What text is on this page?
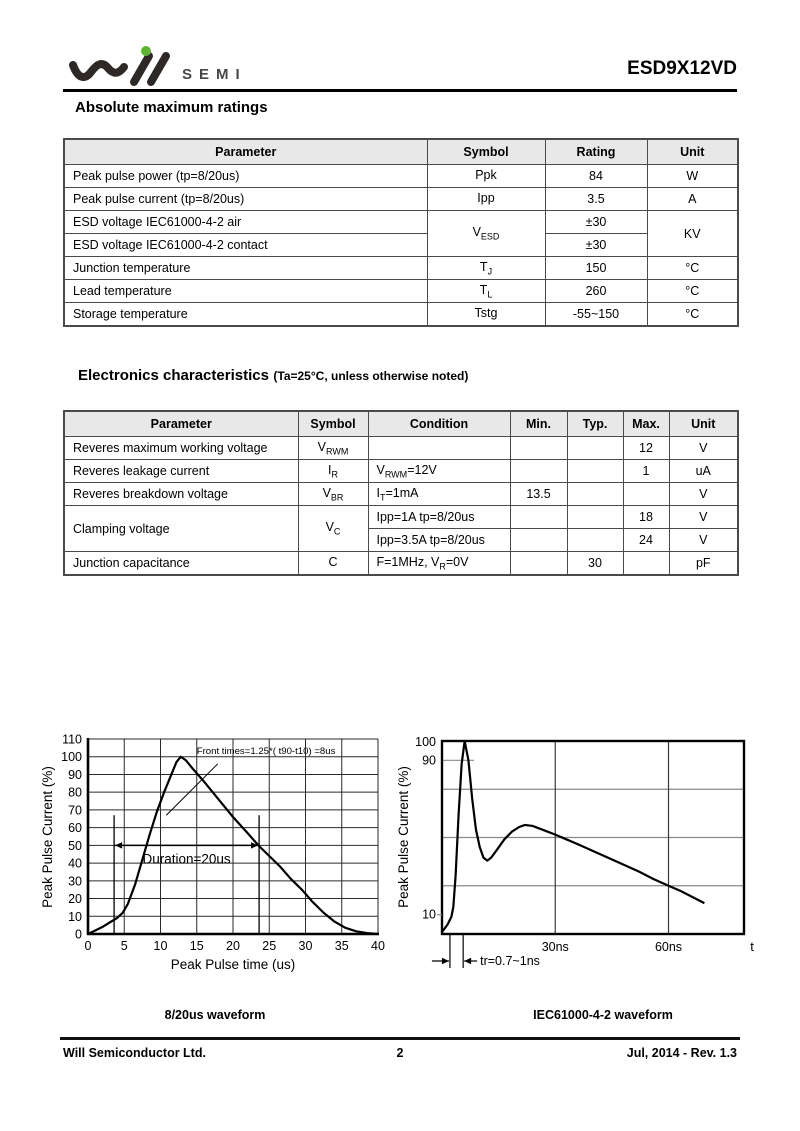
SEMI	ESD9X12VD
Absolute maximum ratings
Parameter	Symbol	Rating	Unit
Peak pulse power (tp=8/20us)	Ppk	84	W
Peak pulse current (tp=8/20us)	Ipp	3.5	A
ESD voltage IEC61000-4-2 air	$V_{ESD}$	±30	KV
ESD voltage IEC61000-4-2 contact		±30	
Junction temperature	$T_J$	150	°C
Lead temperature	$T_L$	260	°C
Storage temperature	Tstg	-55~150	°C
Electronics characteristics (Ta=25°C, unless otherwise noted)
Parameter	Symbol	Condition	Min.	Typ.	Max.	Unit
Reveres maximum working voltage	$V_{RWM}$				12	V
Reveres leakage current	$I_R$	$V_{RWM}=12V$			1	uA
Reveres breakdown voltage	$V_{BR}$	$I_T=1mA$	13.5			V
Clamping voltage	$V_C$	Ipp=1A tp=8/20us			18	V
		Ipp=3.5A tp=8/20us			24	V
Junction capacitance	C	F=1MHz, $V_R=0V$		30		pF
0 5 10 15 20 25 30 35 40
0
10
20
30
40
50
60
70
80
90
100
110
Duration=20us
Front times=1.25*( t90-t10) =8us
Peak Pulse time (us)
Peak Pulse Current (%)
100
90
10
30ns	60ns	t
tr=0.7~1ns
Peak Pulse Current (%)
8/20us waveform	IEC61000-4-2 waveform
Will Semiconductor Ltd.	2	Jul, 2014 - Rev. 1.3
